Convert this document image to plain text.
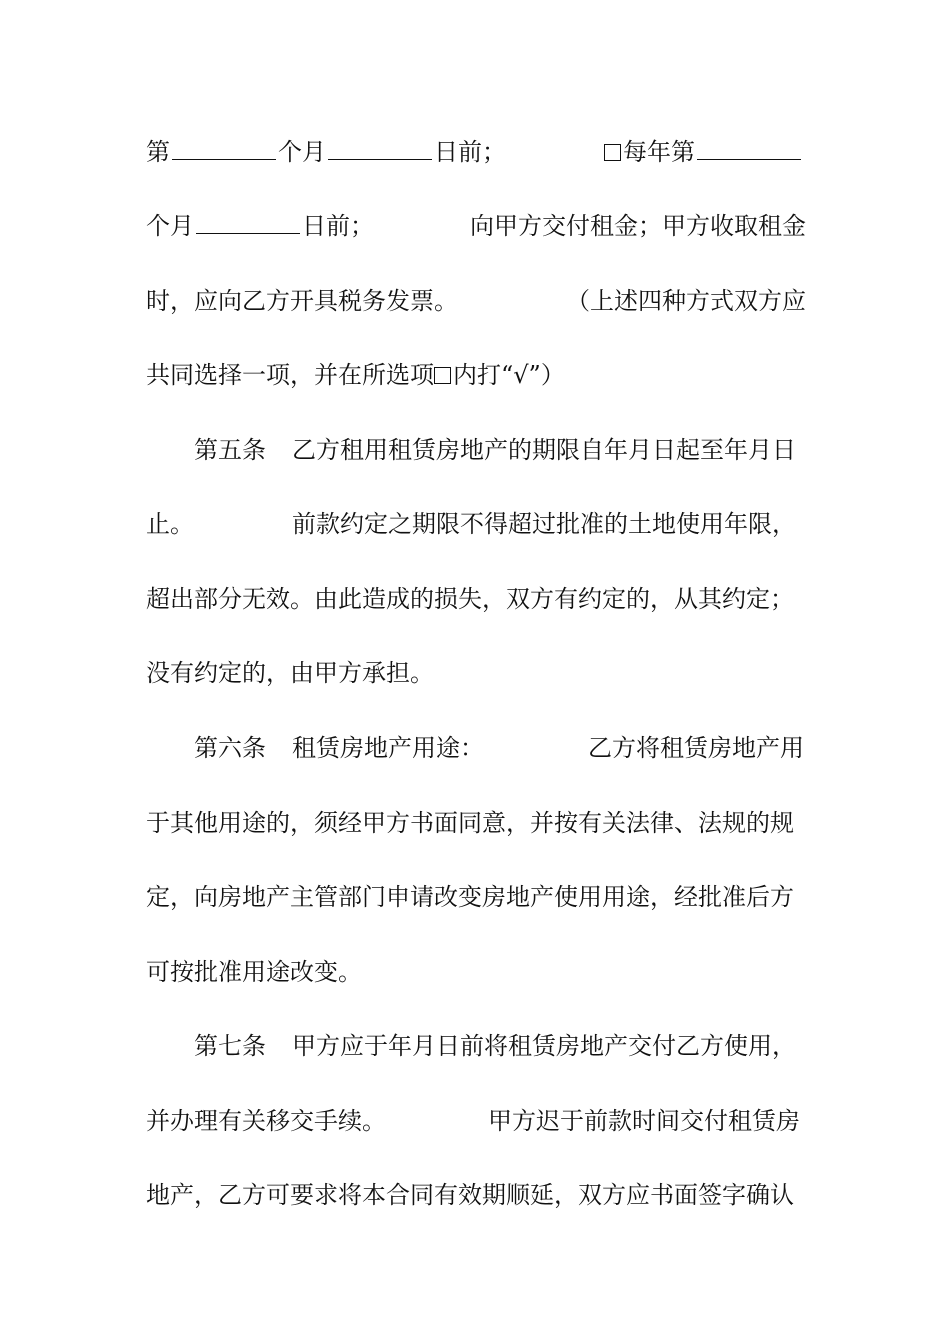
第	个月	日前；	每年第
个月	日前；	向甲方交付租金；甲方收取租金
时，应向乙方开具税务发票。	（上述四种方式双方应
共同选择一项，并在所选项 内打“√”）
第五条 乙方租用租赁房地产的期限自年月日起至年月日
止。	前款约定之期限不得超过批准的土地使用年限，
超出部分无效。由此造成的损失，双方有约定的，从其约定；
没有约定的，由甲方承担。
第六条 租赁房地产用途：	乙方将租赁房地产用
于其他用途的，须经甲方书面同意，并按有关法律、法规的规
定，向房地产主管部门申请改变房地产使用用途，经批准后方
可按批准用途改变。
第七条 甲方应于年月日前将租赁房地产交付乙方使用，
并办理有关移交手续。	甲方迟于前款时间交付租赁房
地产，乙方可要求将本合同有效期顺延，双方应书面签字确认
